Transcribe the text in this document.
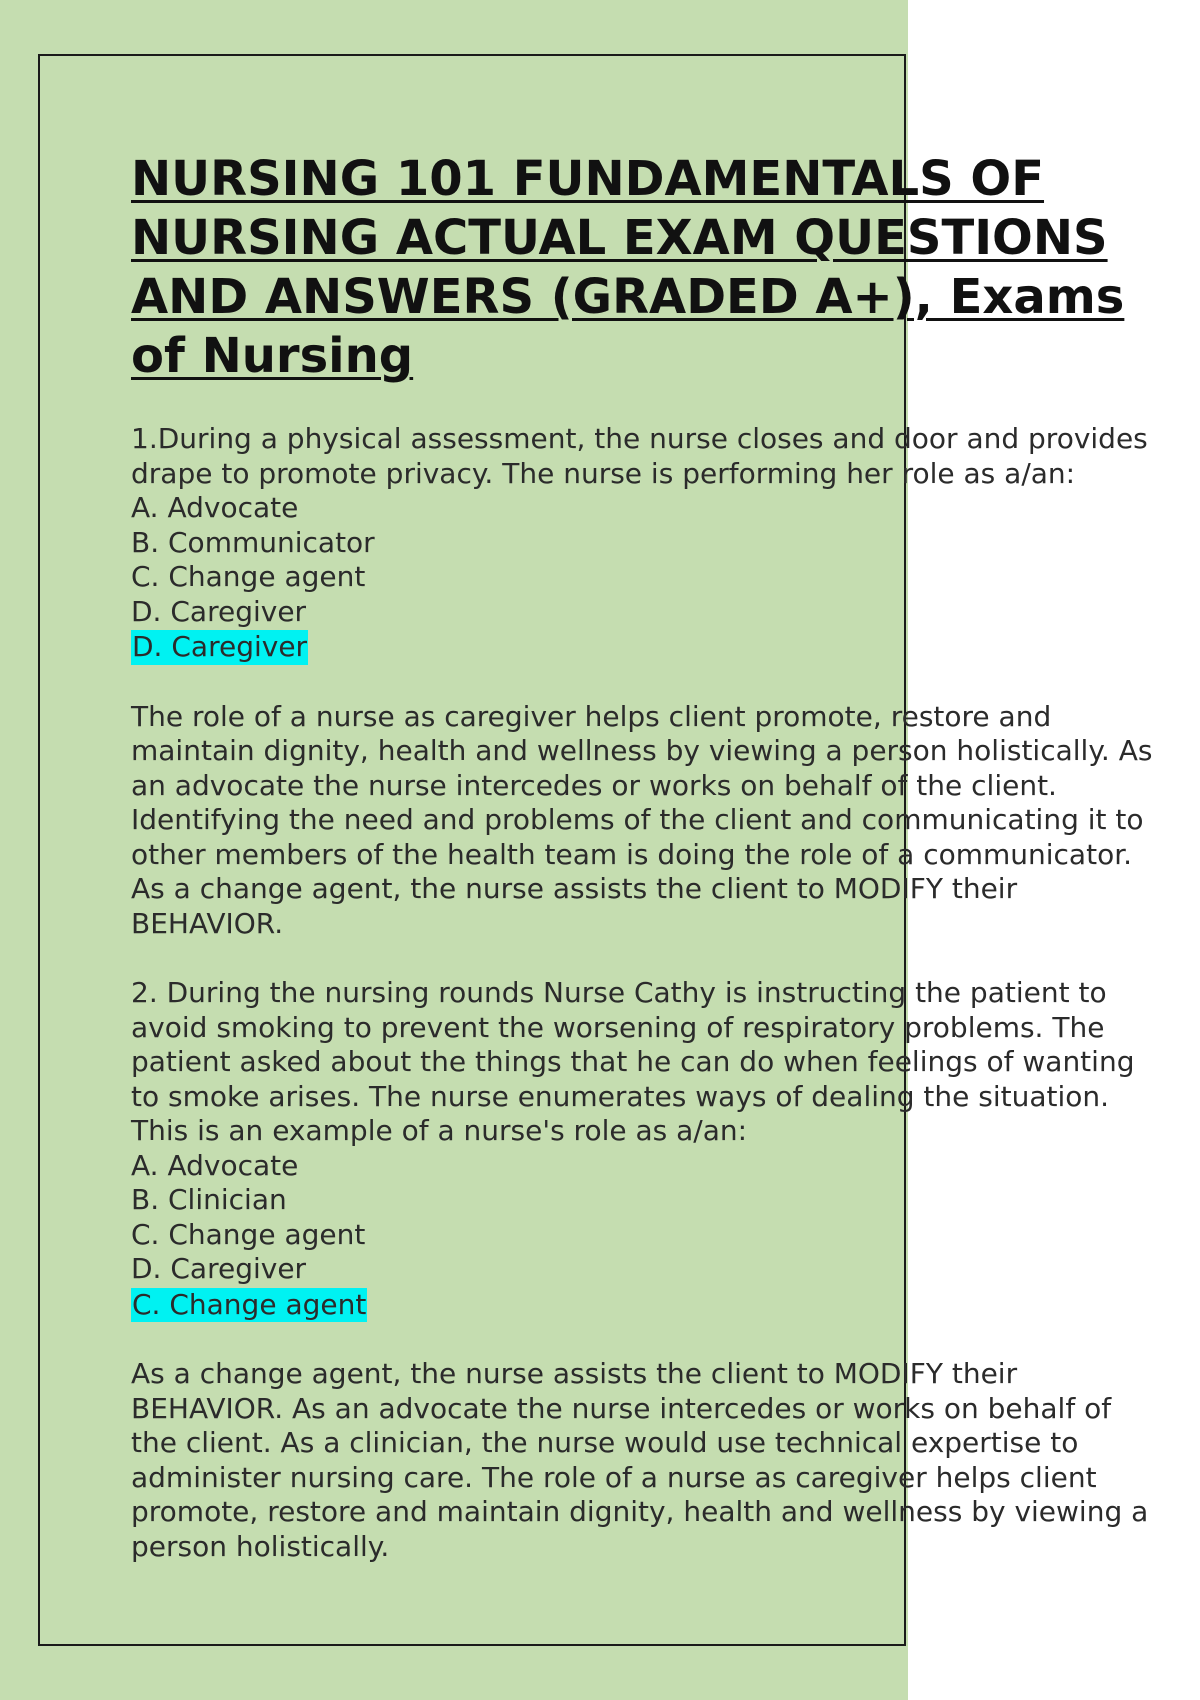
NURSING 101 FUNDAMENTALS OF NURSING ACTUAL EXAM QUESTIONS AND ANSWERS (GRADED A+), Exams of Nursing

1.During a physical assessment, the nurse closes and door and provides drape to promote privacy. The nurse is performing her role as a/an:

A. Advocate
B. Communicator
C. Change agent
D. Caregiver
D. Caregiver

The role of a nurse as caregiver helps client promote, restore and maintain dignity, health and wellness by viewing a person holistically. As an advocate the nurse intercedes or works on behalf of the client. Identifying the need and problems of the client and communicating it to other members of the health team is doing the role of a communicator. As a change agent, the nurse assists the client to MODIFY their BEHAVIOR.

2. During the nursing rounds Nurse Cathy is instructing the patient to avoid smoking to prevent the worsening of respiratory problems. The patient asked about the things that he can do when feelings of wanting to smoke arises. The nurse enumerates ways of dealing the situation. This is an example of a nurse's role as a/an:

A. Advocate
B. Clinician
C. Change agent
D. Caregiver
C. Change agent

As a change agent, the nurse assists the client to MODIFY their BEHAVIOR. As an advocate the nurse intercedes or works on behalf of the client. As a clinician, the nurse would use technical expertise to administer nursing care. The role of a nurse as caregiver helps client promote, restore and maintain dignity, health and wellness by viewing a person holistically.
